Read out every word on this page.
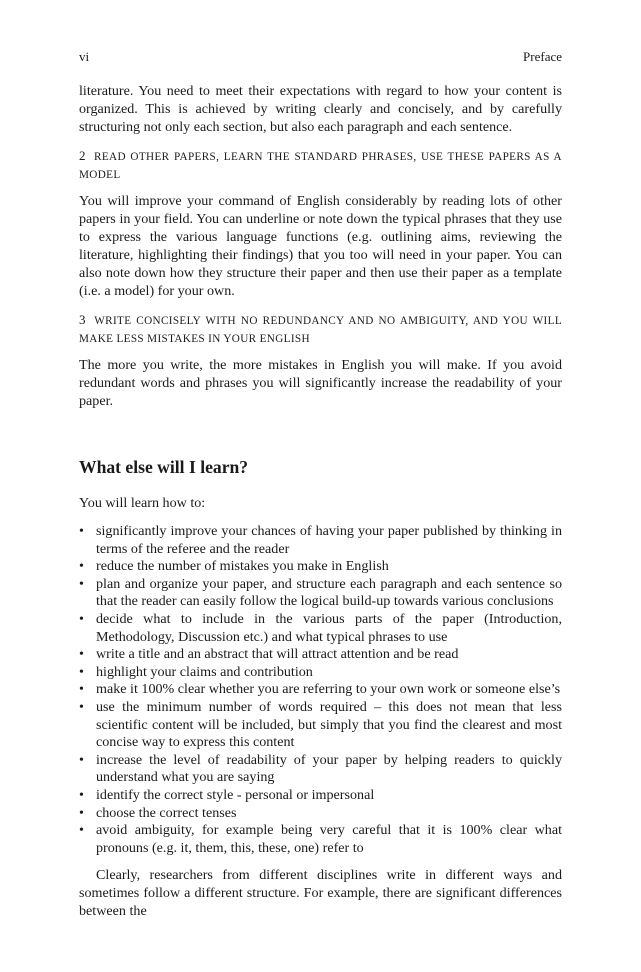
vi	Preface

literature. You need to meet their expectations with regard to how your content is organized. This is achieved by writing clearly and concisely, and by carefully structuring not only each section, but also each paragraph and each sentence.

2 READ OTHER PAPERS, LEARN THE STANDARD PHRASES, USE THESE PAPERS AS A MODEL

You will improve your command of English considerably by reading lots of other papers in your field. You can underline or note down the typical phrases that they use to express the various language functions (e.g. outlining aims, reviewing the literature, highlighting their findings) that you too will need in your paper. You can also note down how they structure their paper and then use their paper as a template (i.e. a model) for your own.

3 WRITE CONCISELY WITH NO REDUNDANCY AND NO AMBIGUITY, AND YOU WILL MAKE LESS MISTAKES IN YOUR ENGLISH

The more you write, the more mistakes in English you will make. If you avoid redundant words and phrases you will significantly increase the readability of your paper.

What else will I learn?

You will learn how to:

• significantly improve your chances of having your paper published by thinking in terms of the referee and the reader
• reduce the number of mistakes you make in English
• plan and organize your paper, and structure each paragraph and each sentence so that the reader can easily follow the logical build-up towards various conclusions
• decide what to include in the various parts of the paper (Introduction, Methodology, Discussion etc.) and what typical phrases to use
• write a title and an abstract that will attract attention and be read
• highlight your claims and contribution
• make it 100% clear whether you are referring to your own work or someone else’s
• use the minimum number of words required – this does not mean that less scientific content will be included, but simply that you find the clearest and most concise way to express this content
• increase the level of readability of your paper by helping readers to quickly understand what you are saying
• identify the correct style - personal or impersonal
• choose the correct tenses
• avoid ambiguity, for example being very careful that it is 100% clear what pronouns (e.g. it, them, this, these, one) refer to

Clearly, researchers from different disciplines write in different ways and sometimes follow a different structure. For example, there are significant differences between the
